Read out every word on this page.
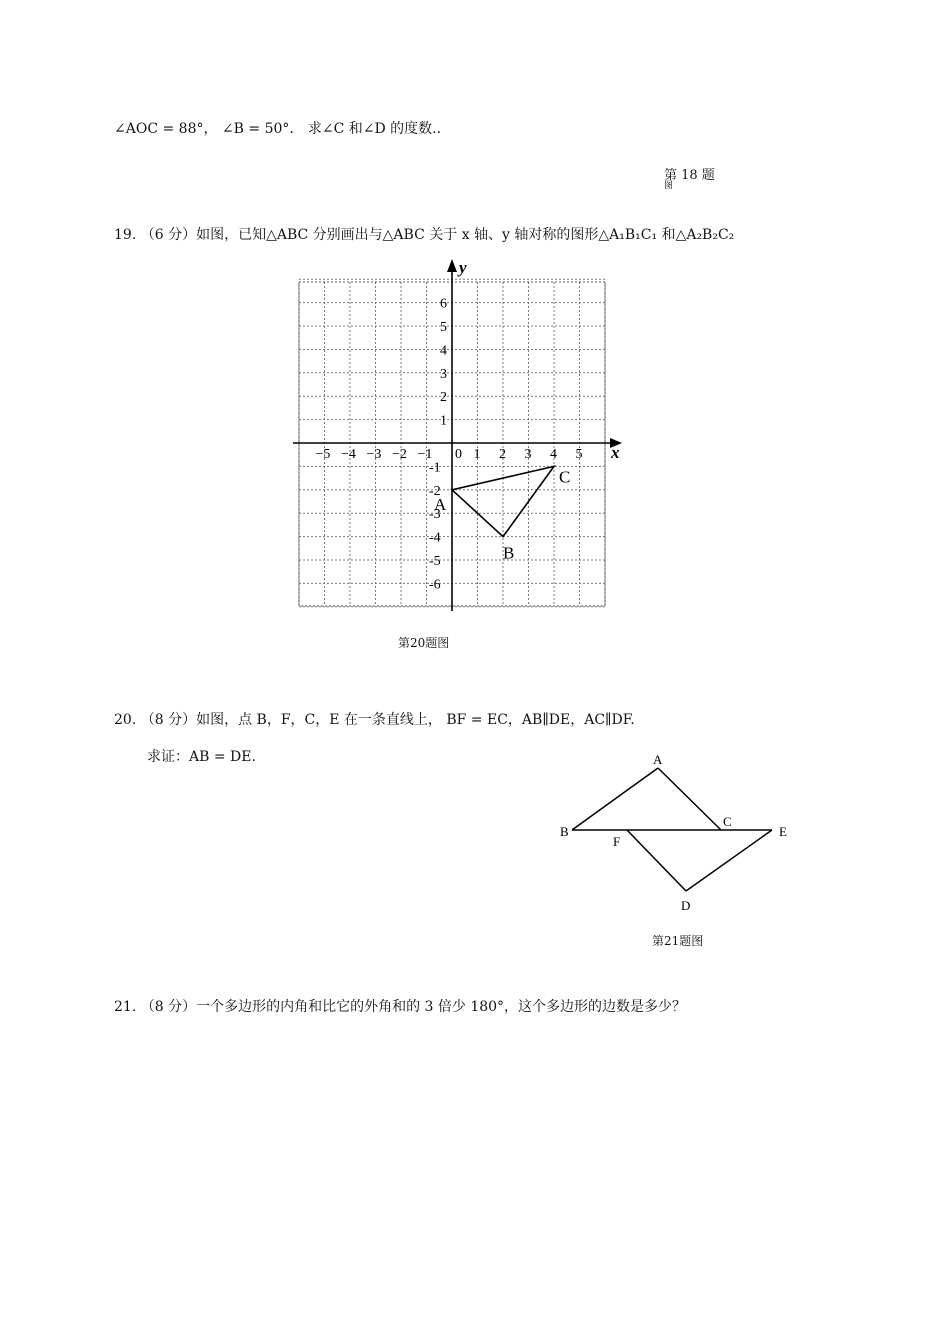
∠AOC = 88°， ∠B = 50°． 求∠C 和∠D 的度数..
第 18 题
图
19. （6 分）如图，已知△ABC 分别画出与△ABC 关于 x 轴、y 轴对称的图形△A₁B₁C₁ 和△A₂B₂C₂
x
y
0
−5 −4 −3 −2 −1	1 2 3 4 5
6
5
4
3
2
1
-1
-2
-3
-4
-5
-6
A
B
C
第20题图
20. （8 分）如图，点 B，F，C，E 在一条直线上， BF = EC，AB∥DE，AC∥DF.
求证：AB = DE.	A
B
C
D
E
F
第21题图
21. （8 分）一个多边形的内角和比它的外角和的 3 倍少 180°，这个多边形的边数是多少？
